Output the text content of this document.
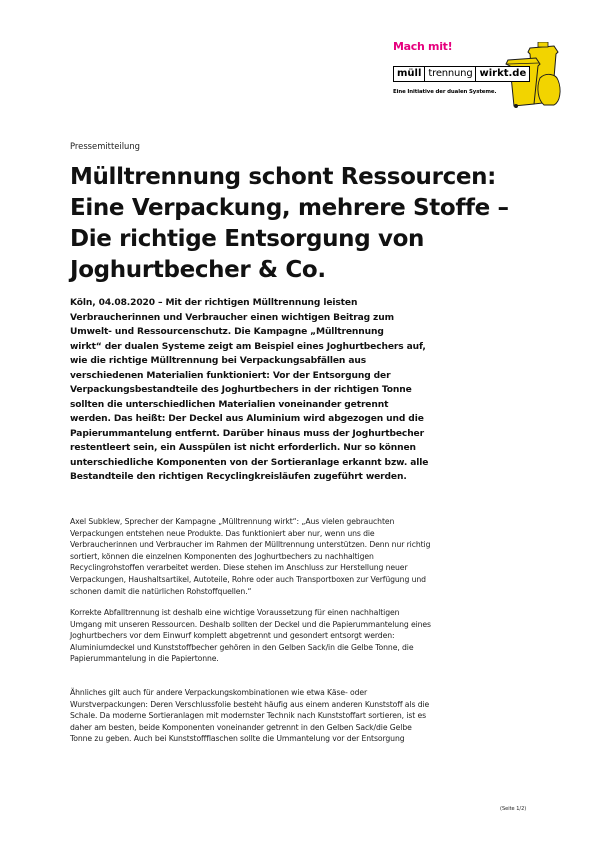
Mach mit!
müll trennung wirkt.de
Eine Initiative der dualen Systeme.
Pressemitteilung
Mülltrennung schont Ressourcen:
Eine Verpackung, mehrere Stoffe –
Die richtige Entsorgung von
Joghurtbecher & Co.
Köln, 04.08.2020 – Mit der richtigen Mülltrennung leisten
Verbraucherinnen und Verbraucher einen wichtigen Beitrag zum
Umwelt- und Ressourcenschutz. Die Kampagne „Mülltrennung
wirkt“ der dualen Systeme zeigt am Beispiel eines Joghurtbechers auf,
wie die richtige Mülltrennung bei Verpackungsabfällen aus
verschiedenen Materialien funktioniert: Vor der Entsorgung der
Verpackungsbestandteile des Joghurtbechers in der richtigen Tonne
sollten die unterschiedlichen Materialien voneinander getrennt
werden. Das heißt: Der Deckel aus Aluminium wird abgezogen und die
Papierummantelung entfernt. Darüber hinaus muss der Joghurtbecher
restentleert sein, ein Ausspülen ist nicht erforderlich. Nur so können
unterschiedliche Komponenten von der Sortieranlage erkannt bzw. alle
Bestandteile den richtigen Recyclingkreisläufen zugeführt werden.
Axel Subklew, Sprecher der Kampagne „Mülltrennung wirkt“: „Aus vielen gebrauchten
Verpackungen entstehen neue Produkte. Das funktioniert aber nur, wenn uns die
Verbraucherinnen und Verbraucher im Rahmen der Mülltrennung unterstützen. Denn nur richtig
sortiert, können die einzelnen Komponenten des Joghurtbechers zu nachhaltigen
Recyclingrohstoffen verarbeitet werden. Diese stehen im Anschluss zur Herstellung neuer
Verpackungen, Haushaltsartikel, Autoteile, Rohre oder auch Transportboxen zur Verfügung und
schonen damit die natürlichen Rohstoffquellen.“
Korrekte Abfalltrennung ist deshalb eine wichtige Voraussetzung für einen nachhaltigen
Umgang mit unseren Ressourcen. Deshalb sollten der Deckel und die Papierummantelung eines
Joghurtbechers vor dem Einwurf komplett abgetrennt und gesondert entsorgt werden:
Aluminiumdeckel und Kunststoffbecher gehören in den Gelben Sack/in die Gelbe Tonne, die
Papierummantelung in die Papiertonne.
Ähnliches gilt auch für andere Verpackungskombinationen wie etwa Käse- oder
Wurstverpackungen: Deren Verschlussfolie besteht häufig aus einem anderen Kunststoff als die
Schale. Da moderne Sortieranlagen mit modernster Technik nach Kunststoffart sortieren, ist es
daher am besten, beide Komponenten voneinander getrennt in den Gelben Sack/die Gelbe
Tonne zu geben. Auch bei Kunststoffflaschen sollte die Ummantelung vor der Entsorgung
(Seite 1/2)
